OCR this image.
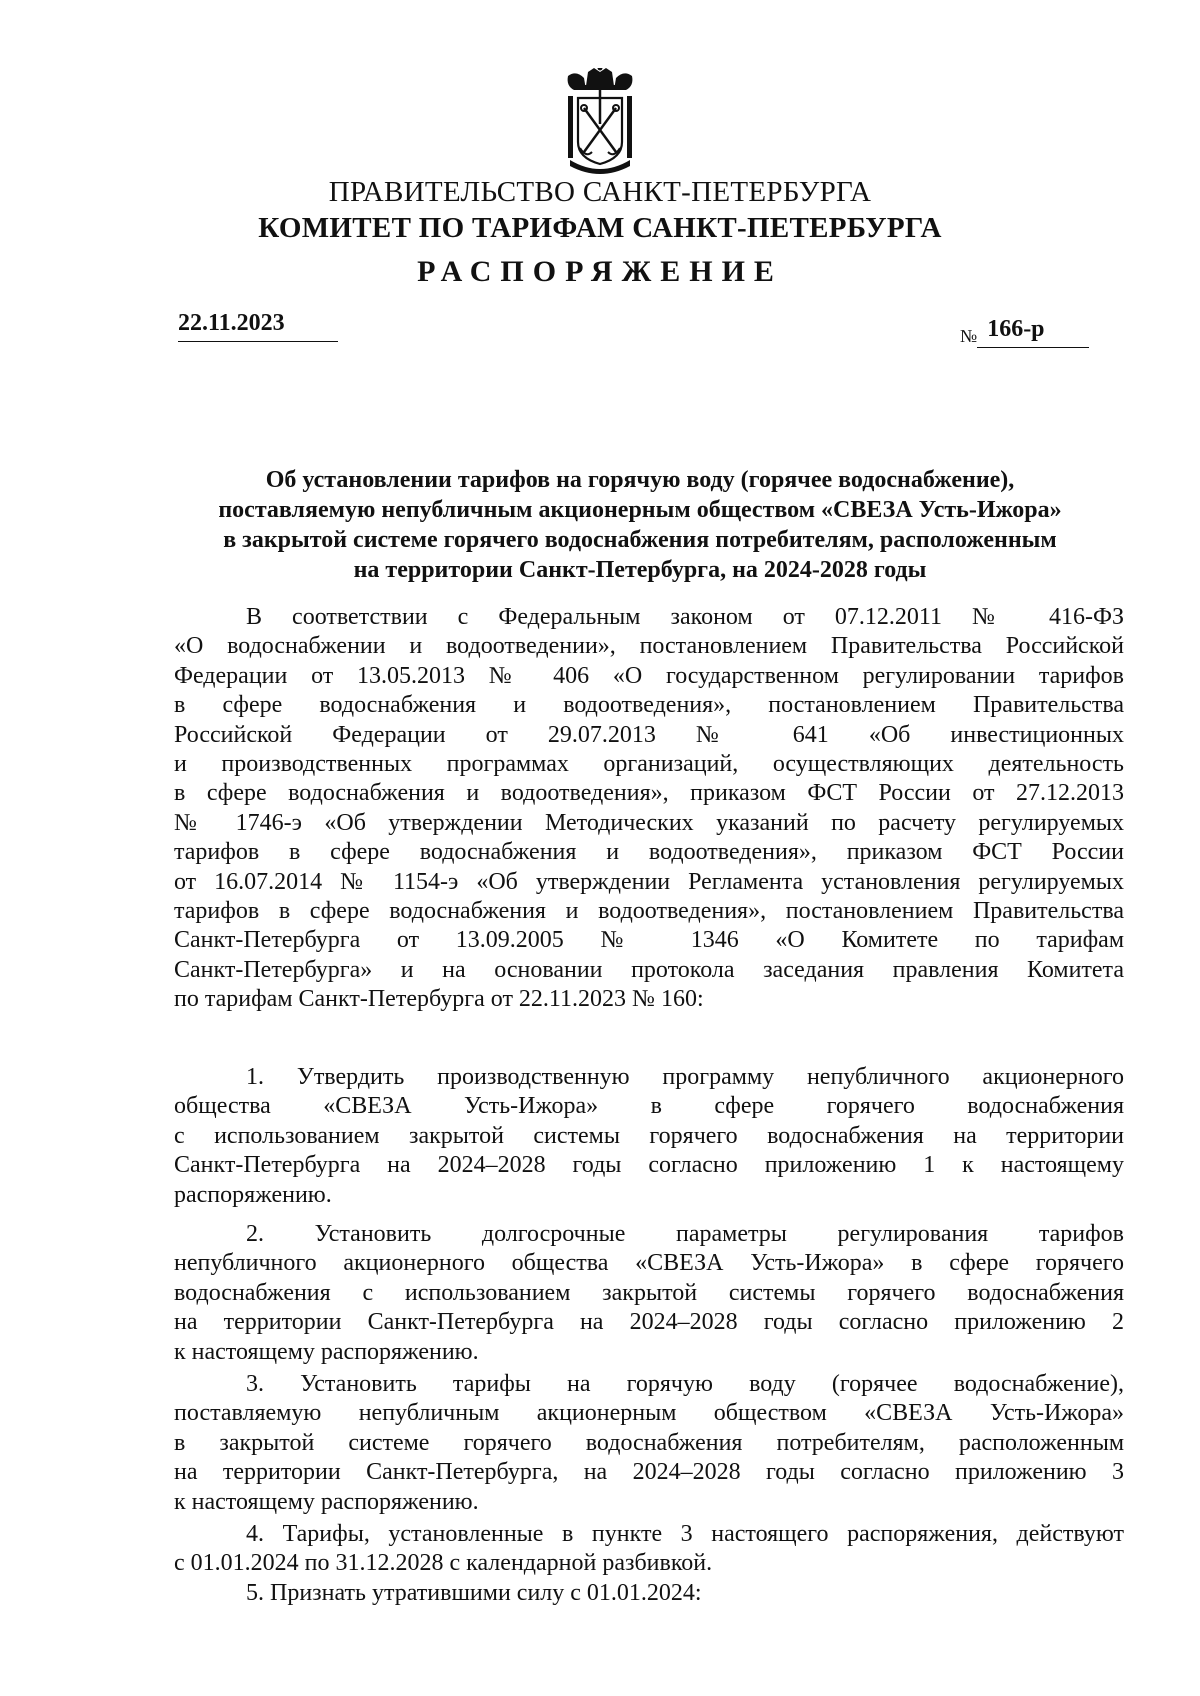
ПРАВИТЕЛЬСТВО САНКТ-ПЕТЕРБУРГА
КОМИТЕТ ПО ТАРИФАМ САНКТ-ПЕТЕРБУРГА
РАСПОРЯЖЕНИЕ
22.11.2023	$_№$ 166-р
Об установлении тарифов на горячую воду (горячее водоснабжение),
поставляемую непубличным акционерным обществом «СВЕЗА Усть-Ижора»
в закрытой системе горячего водоснабжения потребителям, расположенным
на территории Санкт-Петербурга, на 2024-2028 годы
В соответствии с Федеральным законом от 07.12.2011 № 416-ФЗ
«О водоснабжении и водоотведении», постановлением Правительства Российской
Федерации от 13.05.2013 № 406 «О государственном регулировании тарифов
в сфере водоснабжения и водоотведения», постановлением Правительства
Российской Федерации от 29.07.2013 № 641 «Об инвестиционных
и производственных программах организаций, осуществляющих деятельность
в сфере водоснабжения и водоотведения», приказом ФСТ России от 27.12.2013
№ 1746-э «Об утверждении Методических указаний по расчету регулируемых
тарифов в сфере водоснабжения и водоотведения», приказом ФСТ России
от 16.07.2014 № 1154-э «Об утверждении Регламента установления регулируемых
тарифов в сфере водоснабжения и водоотведения», постановлением Правительства
Санкт-Петербурга от 13.09.2005 № 1346 «О Комитете по тарифам
Санкт-Петербурга» и на основании протокола заседания правления Комитета
по тарифам Санкт-Петербурга от 22.11.2023 № 160:
1. Утвердить производственную программу непубличного акционерного
общества «СВЕЗА Усть-Ижора» в сфере горячего водоснабжения
с использованием закрытой системы горячего водоснабжения на территории
Санкт-Петербурга на 2024–2028 годы согласно приложению 1 к настоящему
распоряжению.
2. Установить долгосрочные параметры регулирования тарифов
непубличного акционерного общества «СВЕЗА Усть-Ижора» в сфере горячего
водоснабжения с использованием закрытой системы горячего водоснабжения
на территории Санкт-Петербурга на 2024–2028 годы согласно приложению 2
к настоящему распоряжению.
3. Установить тарифы на горячую воду (горячее водоснабжение),
поставляемую непубличным акционерным обществом «СВЕЗА Усть-Ижора»
в закрытой системе горячего водоснабжения потребителям, расположенным
на территории Санкт-Петербурга, на 2024–2028 годы согласно приложению 3
к настоящему распоряжению.
4. Тарифы, установленные в пункте 3 настоящего распоряжения, действуют
с 01.01.2024 по 31.12.2028 с календарной разбивкой.
5. Признать утратившими силу с 01.01.2024:
